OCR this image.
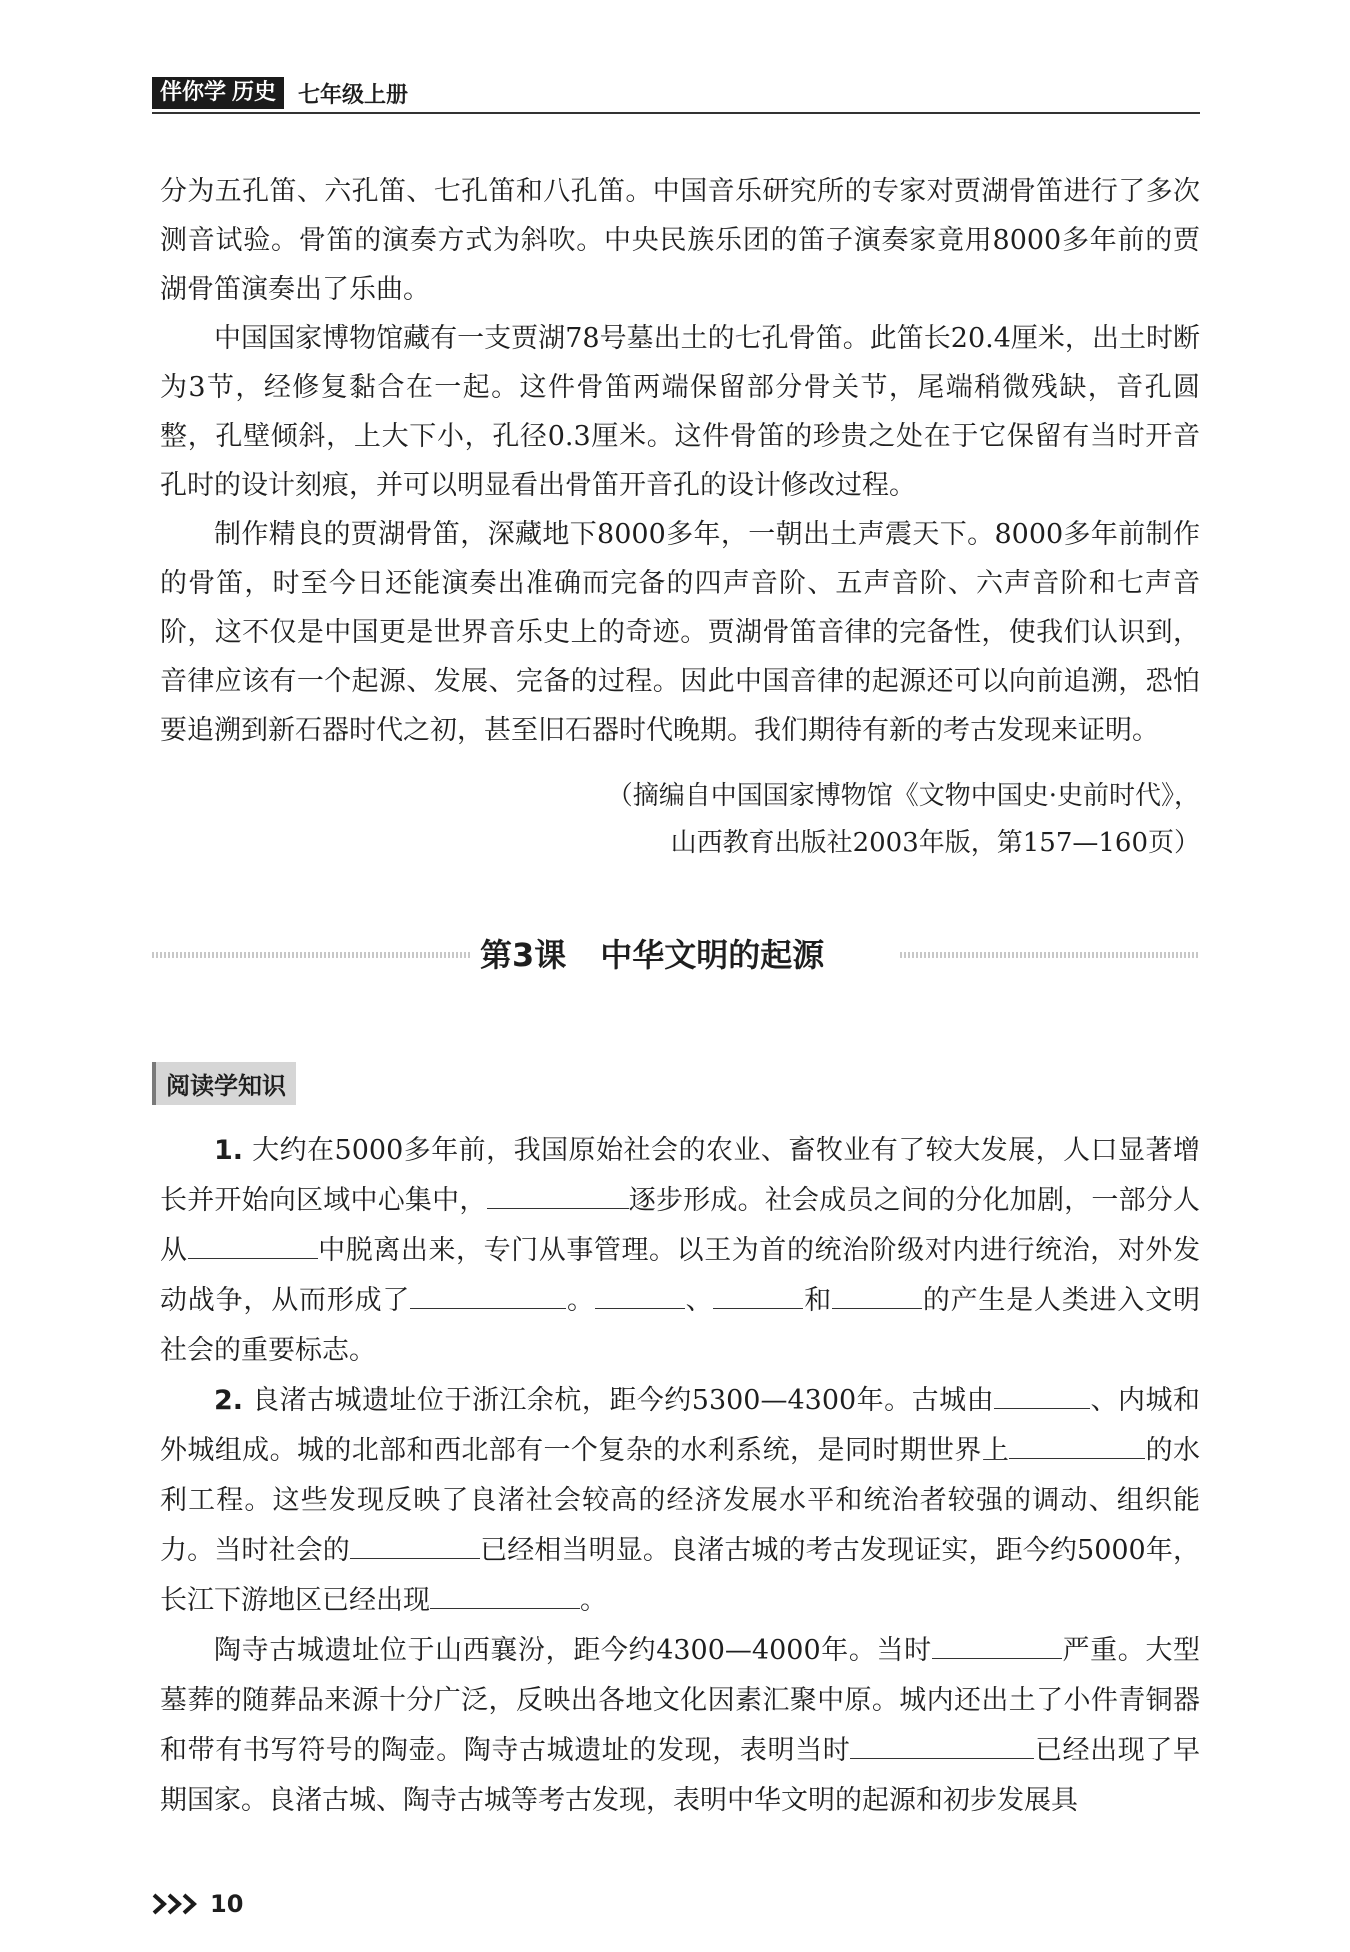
伴你学 历史 七年级上册

分为五孔笛、六孔笛、七孔笛和八孔笛。中国音乐研究所的专家对贾湖骨笛进行了多次测音试验。骨笛的演奏方式为斜吹。中央民族乐团的笛子演奏家竟用8000多年前的贾湖骨笛演奏出了乐曲。

中国国家博物馆藏有一支贾湖78号墓出土的七孔骨笛。此笛长20.4厘米，出土时断为3节，经修复黏合在一起。这件骨笛两端保留部分骨关节，尾端稍微残缺，音孔圆整，孔壁倾斜，上大下小，孔径0.3厘米。这件骨笛的珍贵之处在于它保留有当时开音孔时的设计刻痕，并可以明显看出骨笛开音孔的设计修改过程。

制作精良的贾湖骨笛，深藏地下8000多年，一朝出土声震天下。8000多年前制作的骨笛，时至今日还能演奏出准确而完备的四声音阶、五声音阶、六声音阶和七声音阶，这不仅是中国更是世界音乐史上的奇迹。贾湖骨笛音律的完备性，使我们认识到，音律应该有一个起源、发展、完备的过程。因此中国音律的起源还可以向前追溯，恐怕要追溯到新石器时代之初，甚至旧石器时代晚期。我们期待有新的考古发现来证明。

（摘编自中国国家博物馆《文物中国史·史前时代》，
山西教育出版社2003年版，第157—160页）
第3课 中华文明的起源
阅读学知识

1. 大约在5000多年前，我国原始社会的农业、畜牧业有了较大发展，人口显著增长并开始向区域中心集中，	逐步形成。社会成员之间的分化加剧，一部分人从	中脱离出来，专门从事管理。以王为首的统治阶级对内进行统治，对外发动战争，从而形成了	。	、	和	的产生是人类进入文明社会的重要标志。

2. 良渚古城遗址位于浙江余杭，距今约5300—4300年。古城由	、内城和外城组成。城的北部和西北部有一个复杂的水利系统，是同时期世界上	的水利工程。这些发现反映了良渚社会较高的经济发展水平和统治者较强的调动、组织能力。当时社会的	已经相当明显。良渚古城的考古发现证实，距今约5000年，长江下游地区已经出现	。

陶寺古城遗址位于山西襄汾，距今约4300—4000年。当时	严重。大型墓葬的随葬品来源十分广泛，反映出各地文化因素汇聚中原。城内还出土了小件青铜器和带有书写符号的陶壶。陶寺古城遗址的发现，表明当时	已经出现了早期国家。良渚古城、陶寺古城等考古发现，表明中华文明的起源和初步发展具

10
